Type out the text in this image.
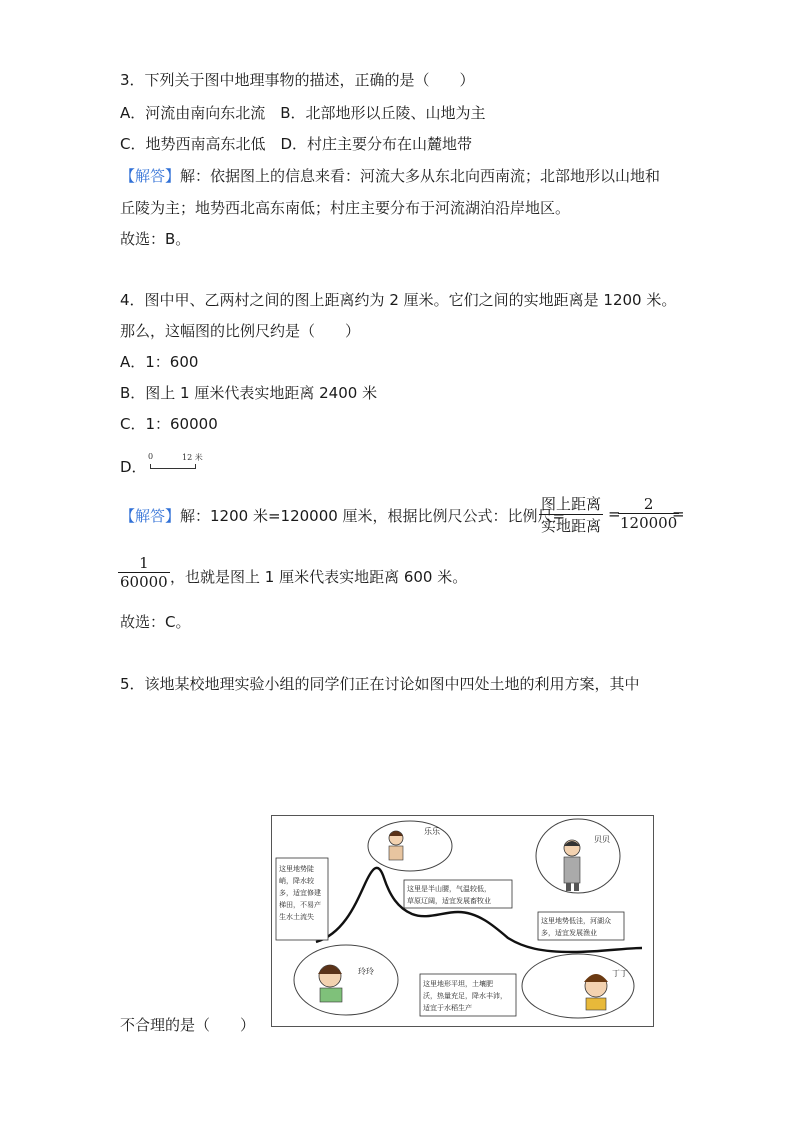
3．下列关于图中地理事物的描述，正确的是（　　）
A．河流由南向东北流　B．北部地形以丘陵、山地为主
C．地势西南高东北低　D．村庄主要分布在山麓地带
【解答】解：依据图上的信息来看：河流大多从东北向西南流；北部地形以山地和
丘陵为主；地势西北高东南低；村庄主要分布于河流湖泊沿岸地区。
故选：B。
4．图中甲、乙两村之间的图上距离约为 2 厘米。它们之间的实地距离是 1200 米。
那么，这幅图的比例尺约是（　　）
A．1：600
B．图上 1 厘米代表实地距离 2400 米
C．1：60000
D．
0	12 米
【解答】解：1200 米=120000 厘米，根据比例尺公式：比例尺=
图上距离
实地距离
=
$\frac{2}{120000}$
=
$\frac{1}{60000}$ ，也就是图上 1 厘米代表实地距离 600 米。
故选：C。
5．该地某校地理实验小组的同学们正在讨论如图中四处土地的利用方案，其中
不合理的是（　　）
乐乐
贝贝
玲玲	丁丁
这里地势陡
峭，降水较
多，适宜修建
梯田，不易产
生水土流失
这里是半山腰，气温较低，
草原辽阔，适宜发展畜牧业
这里地势低洼，河湖众
多，适宜发展渔业
这里地形平坦，土壤肥
沃，热量充足，降水丰沛，
适宜于水稻生产
